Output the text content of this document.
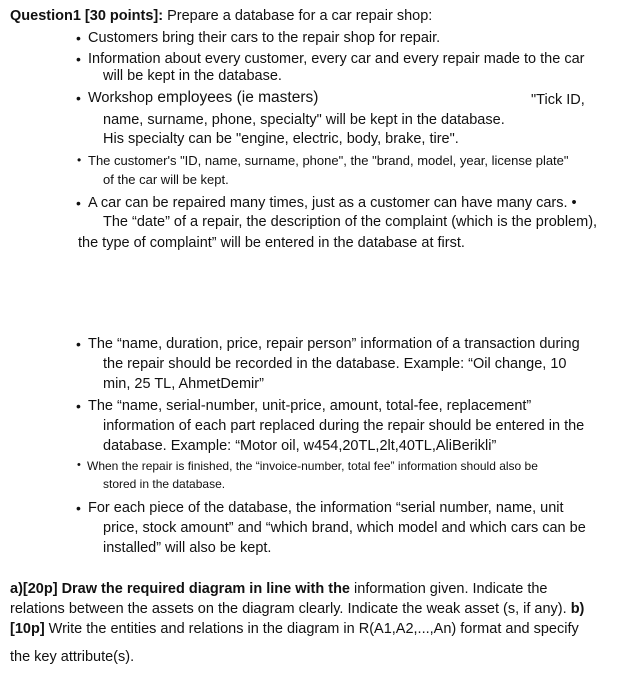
Question1 [30 points]: Prepare a database for a car repair shop:
• Customers bring their cars to the repair shop for repair.
• Information about every customer, every car and every repair made to the car
will be kept in the database.
• Workshop employees (ie masters)	"Tick ID,
name, surname, phone, specialty" will be kept in the database.
His specialty can be "engine, electric, body, brake, tire".
• The customer's "ID, name, surname, phone", the "brand, model, year, license plate"
of the car will be kept.
• A car can be repaired many times, just as a customer can have many cars. •
The “date” of a repair, the description of the complaint (which is the problem),
the type of complaint” will be entered in the database at first.
• The “name, duration, price, repair person” information of a transaction during
the repair should be recorded in the database. Example: “Oil change, 10
min, 25 TL, AhmetDemir”
• The “name, serial-number, unit-price, amount, total-fee, replacement”
information of each part replaced during the repair should be entered in the
database. Example: “Motor oil, w454,20TL,2lt,40TL,AliBerikli”
• When the repair is finished, the “invoice-number, total fee” information should also be
stored in the database.
• For each piece of the database, the information “serial number, name, unit
price, stock amount” and “which brand, which model and which cars can be
installed” will also be kept.
a)[20p] Draw the required diagram in line with the information given. Indicate the
relations between the assets on the diagram clearly. Indicate the weak asset (s, if any). b)
[10p] Write the entities and relations in the diagram in R(A1,A2,...,An) format and specify
the key attribute(s).
